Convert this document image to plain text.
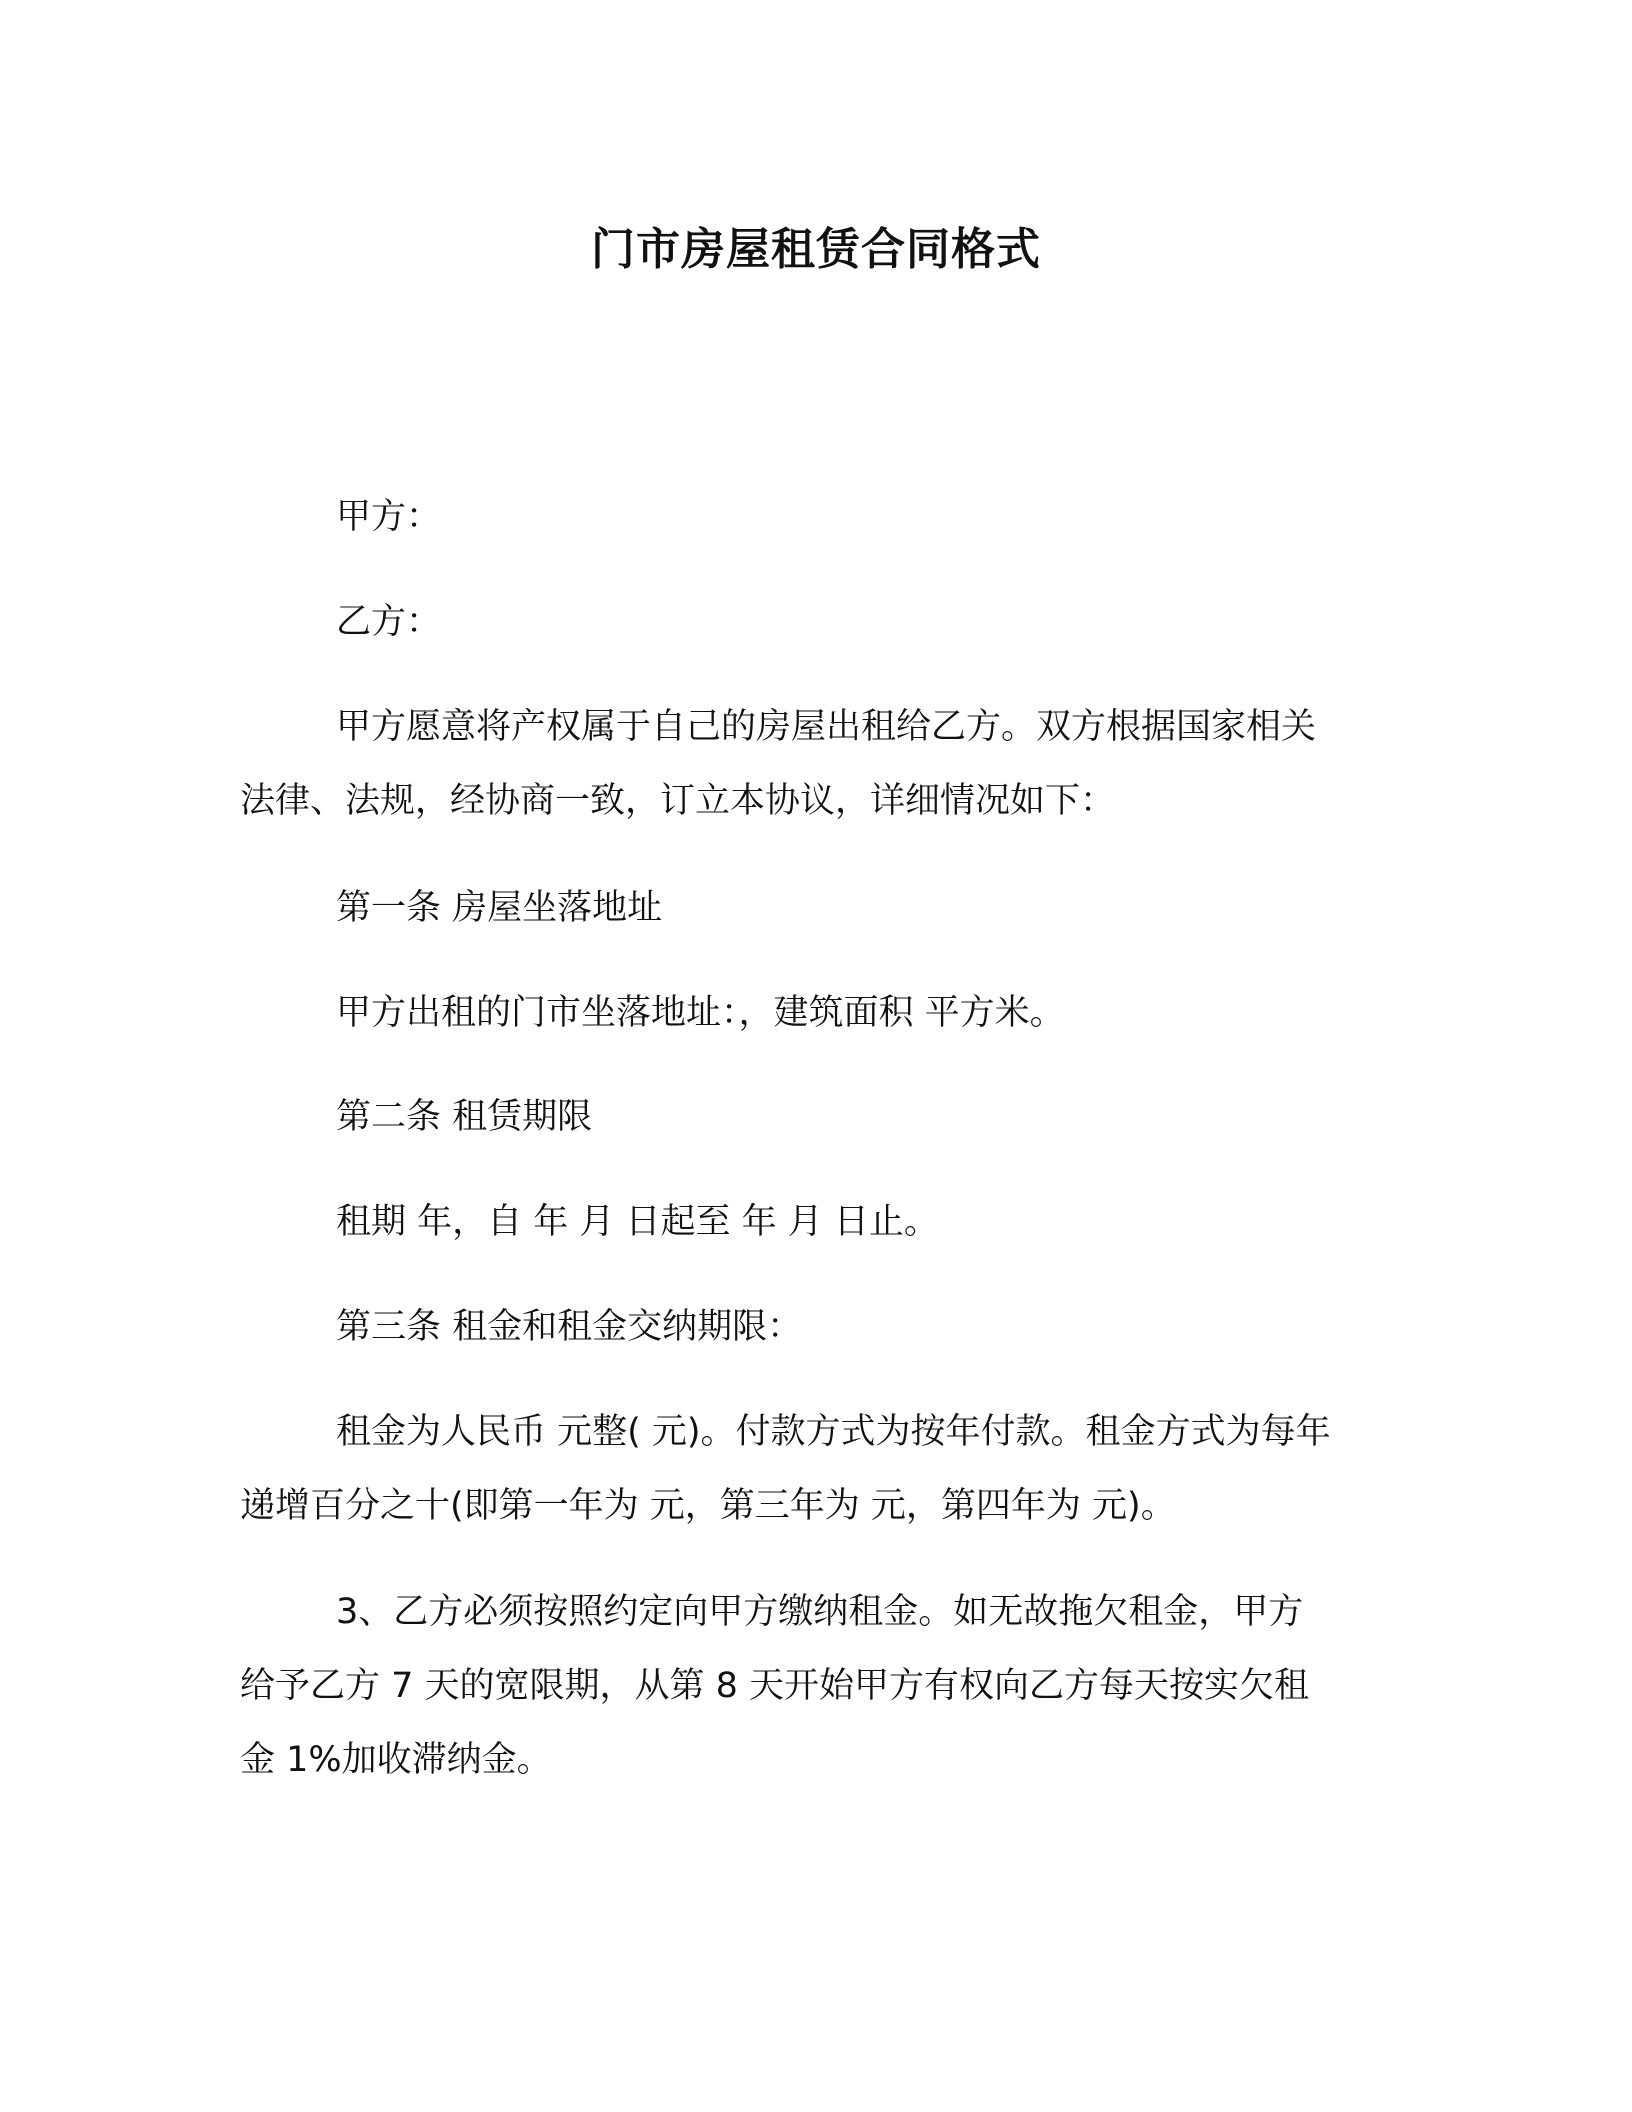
门市房屋租赁合同格式
甲方：
乙方：
甲方愿意将产权属于自己的房屋出租给乙方。双方根据国家相关
法律、法规，经协商一致，订立本协议，详细情况如下：
第一条 房屋坐落地址
甲方出租的门市坐落地址：，建筑面积 平方米。
第二条 租赁期限
租期 年，自 年 月 日起至 年 月 日止。
第三条 租金和租金交纳期限：
租金为人民币 元整( 元)。付款方式为按年付款。租金方式为每年
递增百分之十(即第一年为 元，第三年为 元，第四年为 元)。
3、乙方必须按照约定向甲方缴纳租金。如无故拖欠租金，甲方
给予乙方 7 天的宽限期，从第 8 天开始甲方有权向乙方每天按实欠租
金 1%加收滞纳金。
